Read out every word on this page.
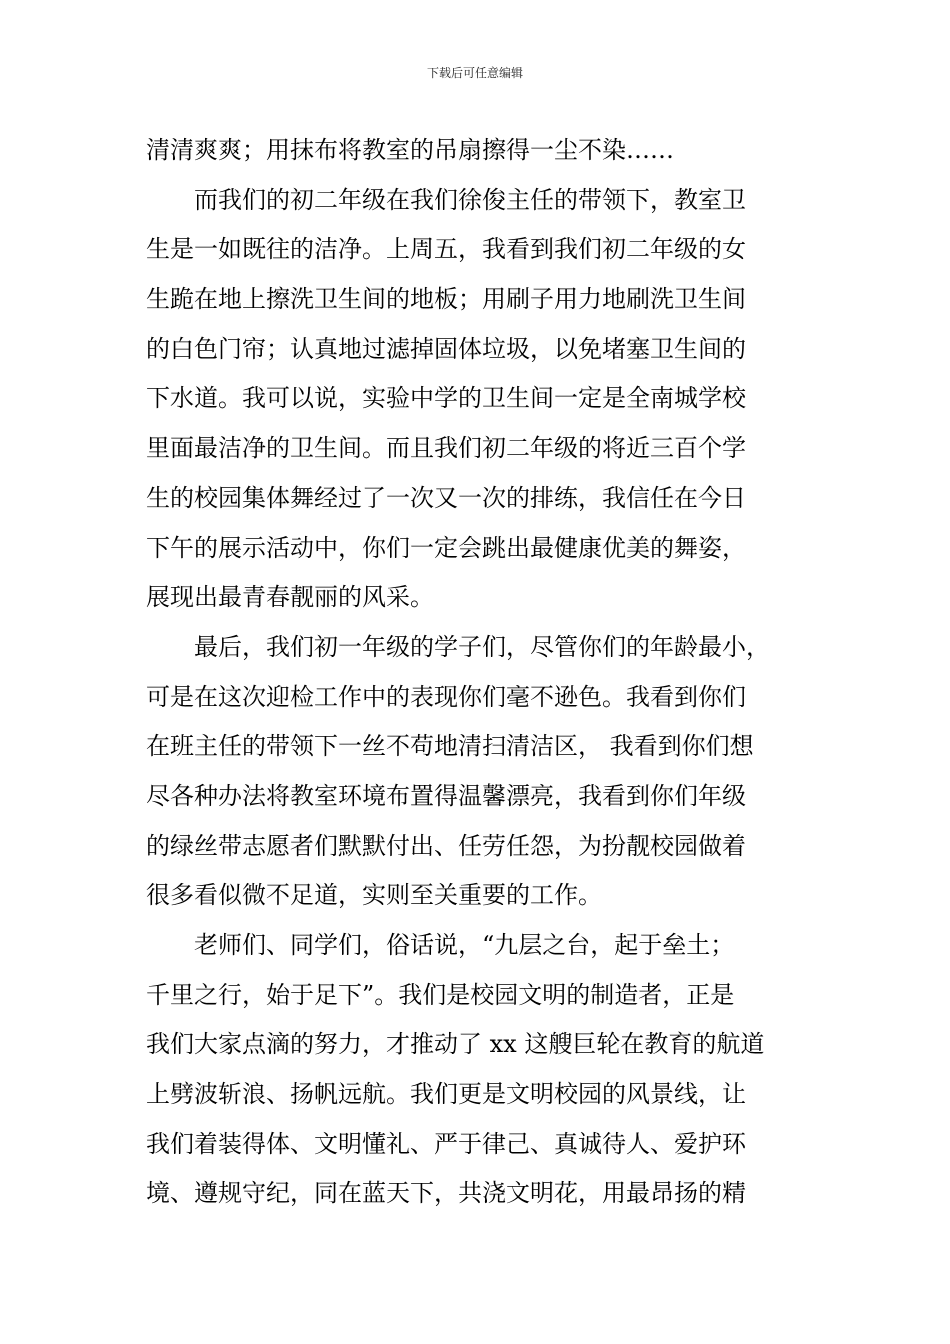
下载后可任意编辑
清清爽爽；用抹布将教室的吊扇擦得一尘不染……
而我们的初二年级在我们徐俊主任的带领下，教室卫
生是一如既往的洁净。上周五，我看到我们初二年级的女
生跪在地上擦洗卫生间的地板；用刷子用力地刷洗卫生间
的白色门帘；认真地过滤掉固体垃圾，以免堵塞卫生间的
下水道。我可以说，实验中学的卫生间一定是全南城学校
里面最洁净的卫生间。而且我们初二年级的将近三百个学
生的校园集体舞经过了一次又一次的排练，我信任在今日
下午的展示活动中，你们一定会跳出最健康优美的舞姿，
展现出最青春靓丽的风采。
最后，我们初一年级的学子们，尽管你们的年龄最小，
可是在这次迎检工作中的表现你们毫不逊色。我看到你们
在班主任的带领下一丝不苟地清扫清洁区， 我看到你们想
尽各种办法将教室环境布置得温馨漂亮，我看到你们年级
的绿丝带志愿者们默默付出、任劳任怨，为扮靓校园做着
很多看似微不足道，实则至关重要的工作。
老师们、同学们，俗话说，“九层之台，起于垒土；
千里之行，始于足下”。我们是校园文明的制造者，正是
我们大家点滴的努力，才推动了 xx 这艘巨轮在教育的航道
上劈波斩浪、扬帆远航。我们更是文明校园的风景线，让
我们着装得体、文明懂礼、严于律己、真诚待人、爱护环
境、遵规守纪，同在蓝天下，共浇文明花，用最昂扬的精
